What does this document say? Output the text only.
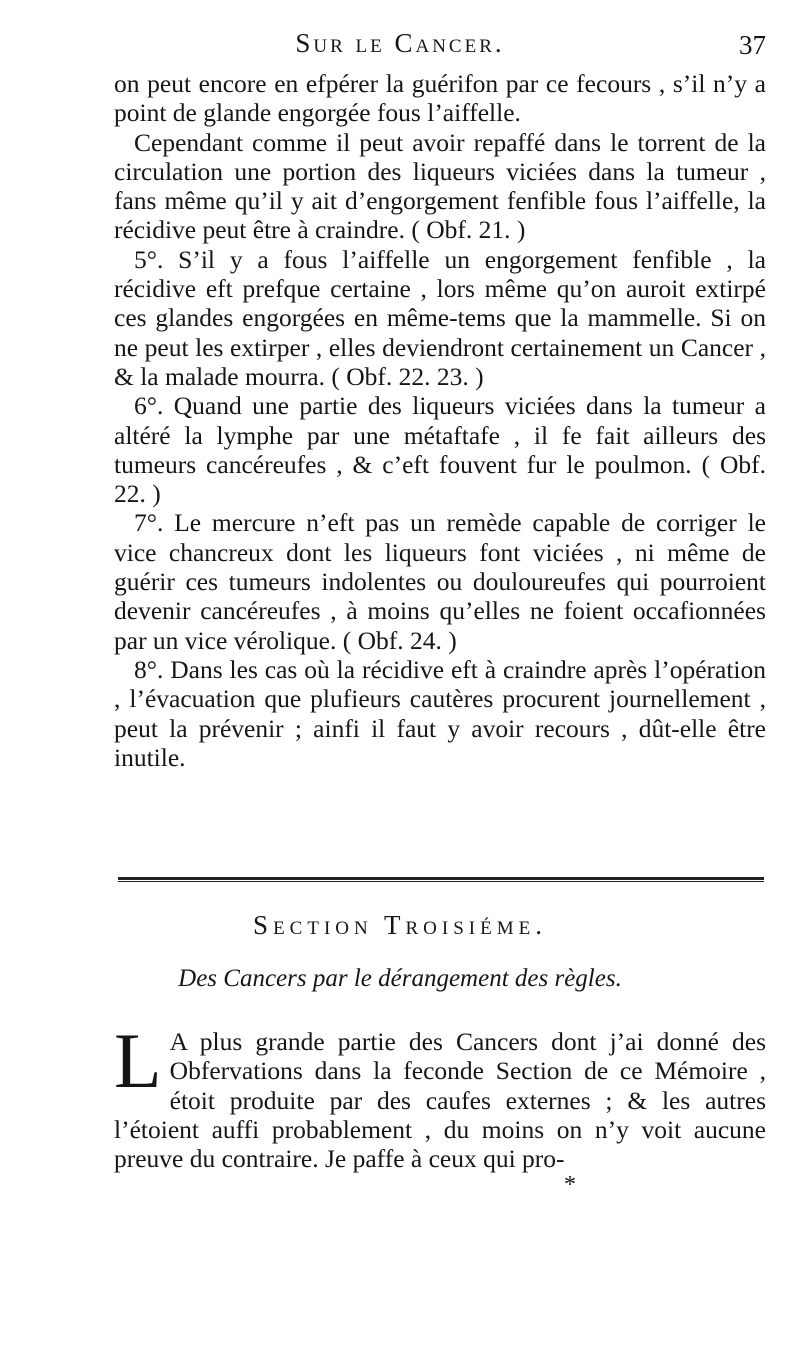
Sur le Cancer.	37

on peut encore en efpérer la guérifon par ce fecours , s’il n’y a point de glande engorgée fous l’aiffelle.

Cependant comme il peut avoir repaffé dans le torrent de la circulation une portion des liqueurs viciées dans la tumeur , fans même qu’il y ait d’engorgement fenfible fous l’aiffelle, la récidive peut être à craindre. ( Obf. 21. )

5°. S’il y a fous l’aiffelle un engorgement fenfible , la récidive eft prefque certaine , lors même qu’on auroit extirpé ces glandes engorgées en même-tems que la mammelle. Si on ne peut les extirper , elles deviendront certainement un Cancer , & la malade mourra. ( Obf. 22. 23. )

6°. Quand une partie des liqueurs viciées dans la tumeur a altéré la lymphe par une métaftafe , il fe fait ailleurs des tumeurs cancéreufes , & c’eft fouvent fur le poulmon. ( Obf. 22. )

7°. Le mercure n’eft pas un remède capable de corriger le vice chancreux dont les liqueurs font viciées , ni même de guérir ces tumeurs indolentes ou douloureufes qui pourroient devenir cancéreufes , à moins qu’elles ne foient occafionnées par un vice vérolique. ( Obf. 24. )

8°. Dans les cas où la récidive eft à craindre après l’opération , l’évacuation que plufieurs cautères procurent journellement , peut la prévenir ; ainfi il faut y avoir recours , dût-elle être inutile.

Section Troisiéme.
Des Cancers par le dérangement des règles.

L A plus grande partie des Cancers dont j’ai donné des Obfervations dans la feconde Section de ce Mémoire , étoit produite par des caufes externes ; & les autres l’étoient auffi probablement , du moins on n’y voit aucune preuve du contraire. Je paffe à ceux qui pro-

*
